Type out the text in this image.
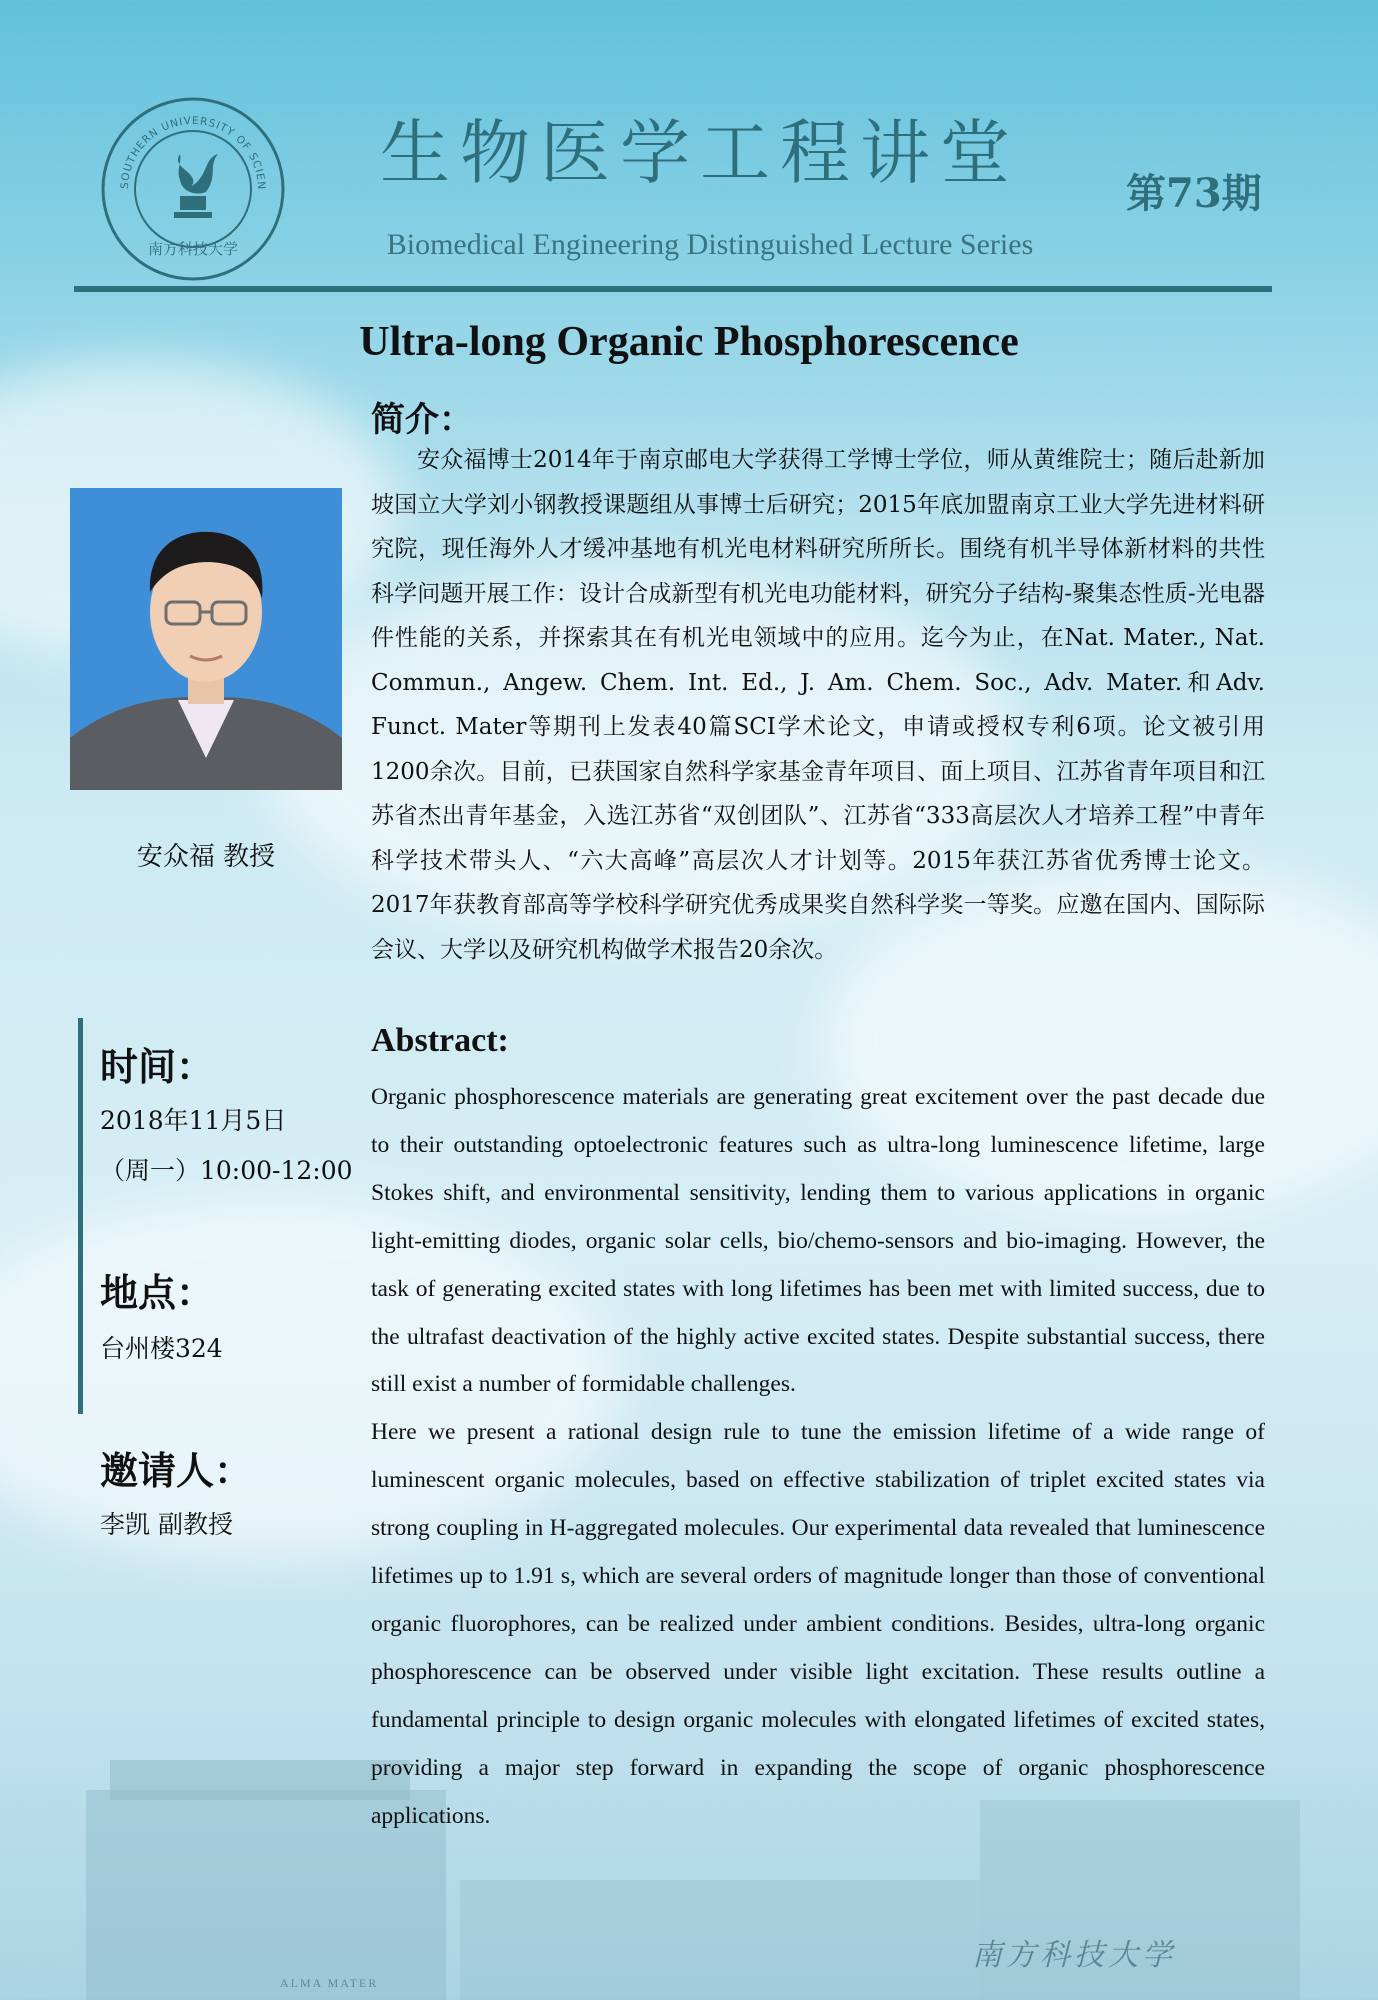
ALMA MATER
南方科技大学
SOUTHERN UNIVERSITY OF SCIEN
南方科技大学
生物医学工程讲堂	第73期
Biomedical Engineering Distinguished Lecture Series
Ultra-long Organic Phosphorescence
安众福 教授
简介：
安众福博士2014年于南京邮电大学获得工学博士学位，师从黄维院士；随后赴新加坡国立大学刘小钢教授课题组从事博士后研究；2015年底加盟南京工业大学先进材料研究院，现任海外人才缓冲基地有机光电材料研究所所长。围绕有机半导体新材料的共性科学问题开展工作：设计合成新型有机光电功能材料，研究分子结构-聚集态性质-光电器件性能的关系，并探索其在有机光电领域中的应用。迄今为止，在Nat. Mater., Nat. Commun., Angew. Chem. Int. Ed., J. Am. Chem. Soc., Adv. Mater.和Adv. Funct. Mater等期刊上发表40篇SCI学术论文，申请或授权专利6项。论文被引用1200余次。目前，已获国家自然科学家基金青年项目、面上项目、江苏省青年项目和江苏省杰出青年基金，入选江苏省“双创团队”、江苏省“333高层次人才培养工程”中青年科学技术带头人、“六大高峰”高层次人才计划等。2015年获江苏省优秀博士论文。2017年获教育部高等学校科学研究优秀成果奖自然科学奖一等奖。应邀在国内、国际际会议、大学以及研究机构做学术报告20余次。
时间：
2018年11月5日
（周一）10:00-12:00
地点：
台州楼324
邀请人：
李凯 副教授
Abstract:

Organic phosphorescence materials are generating great excitement over the past decade due to their outstanding optoelectronic features such as ultra-long luminescence lifetime, large Stokes shift, and environmental sensitivity, lending them to various applications in organic light-emitting diodes, organic solar cells, bio/chemo-sensors and bio-imaging. However, the task of generating excited states with long lifetimes has been met with limited success, due to the ultrafast deactivation of the highly active excited states. Despite substantial success, there still exist a number of formidable challenges.

Here we present a rational design rule to tune the emission lifetime of a wide range of luminescent organic molecules, based on effective stabilization of triplet excited states via strong coupling in H-aggregated molecules. Our experimental data revealed that luminescence lifetimes up to 1.91 s, which are several orders of magnitude longer than those of conventional organic fluorophores, can be realized under ambient conditions. Besides, ultra-long organic phosphorescence can be observed under visible light excitation. These results outline a fundamental principle to design organic molecules with elongated lifetimes of excited states, providing a major step forward in expanding the scope of organic phosphorescence applications.
